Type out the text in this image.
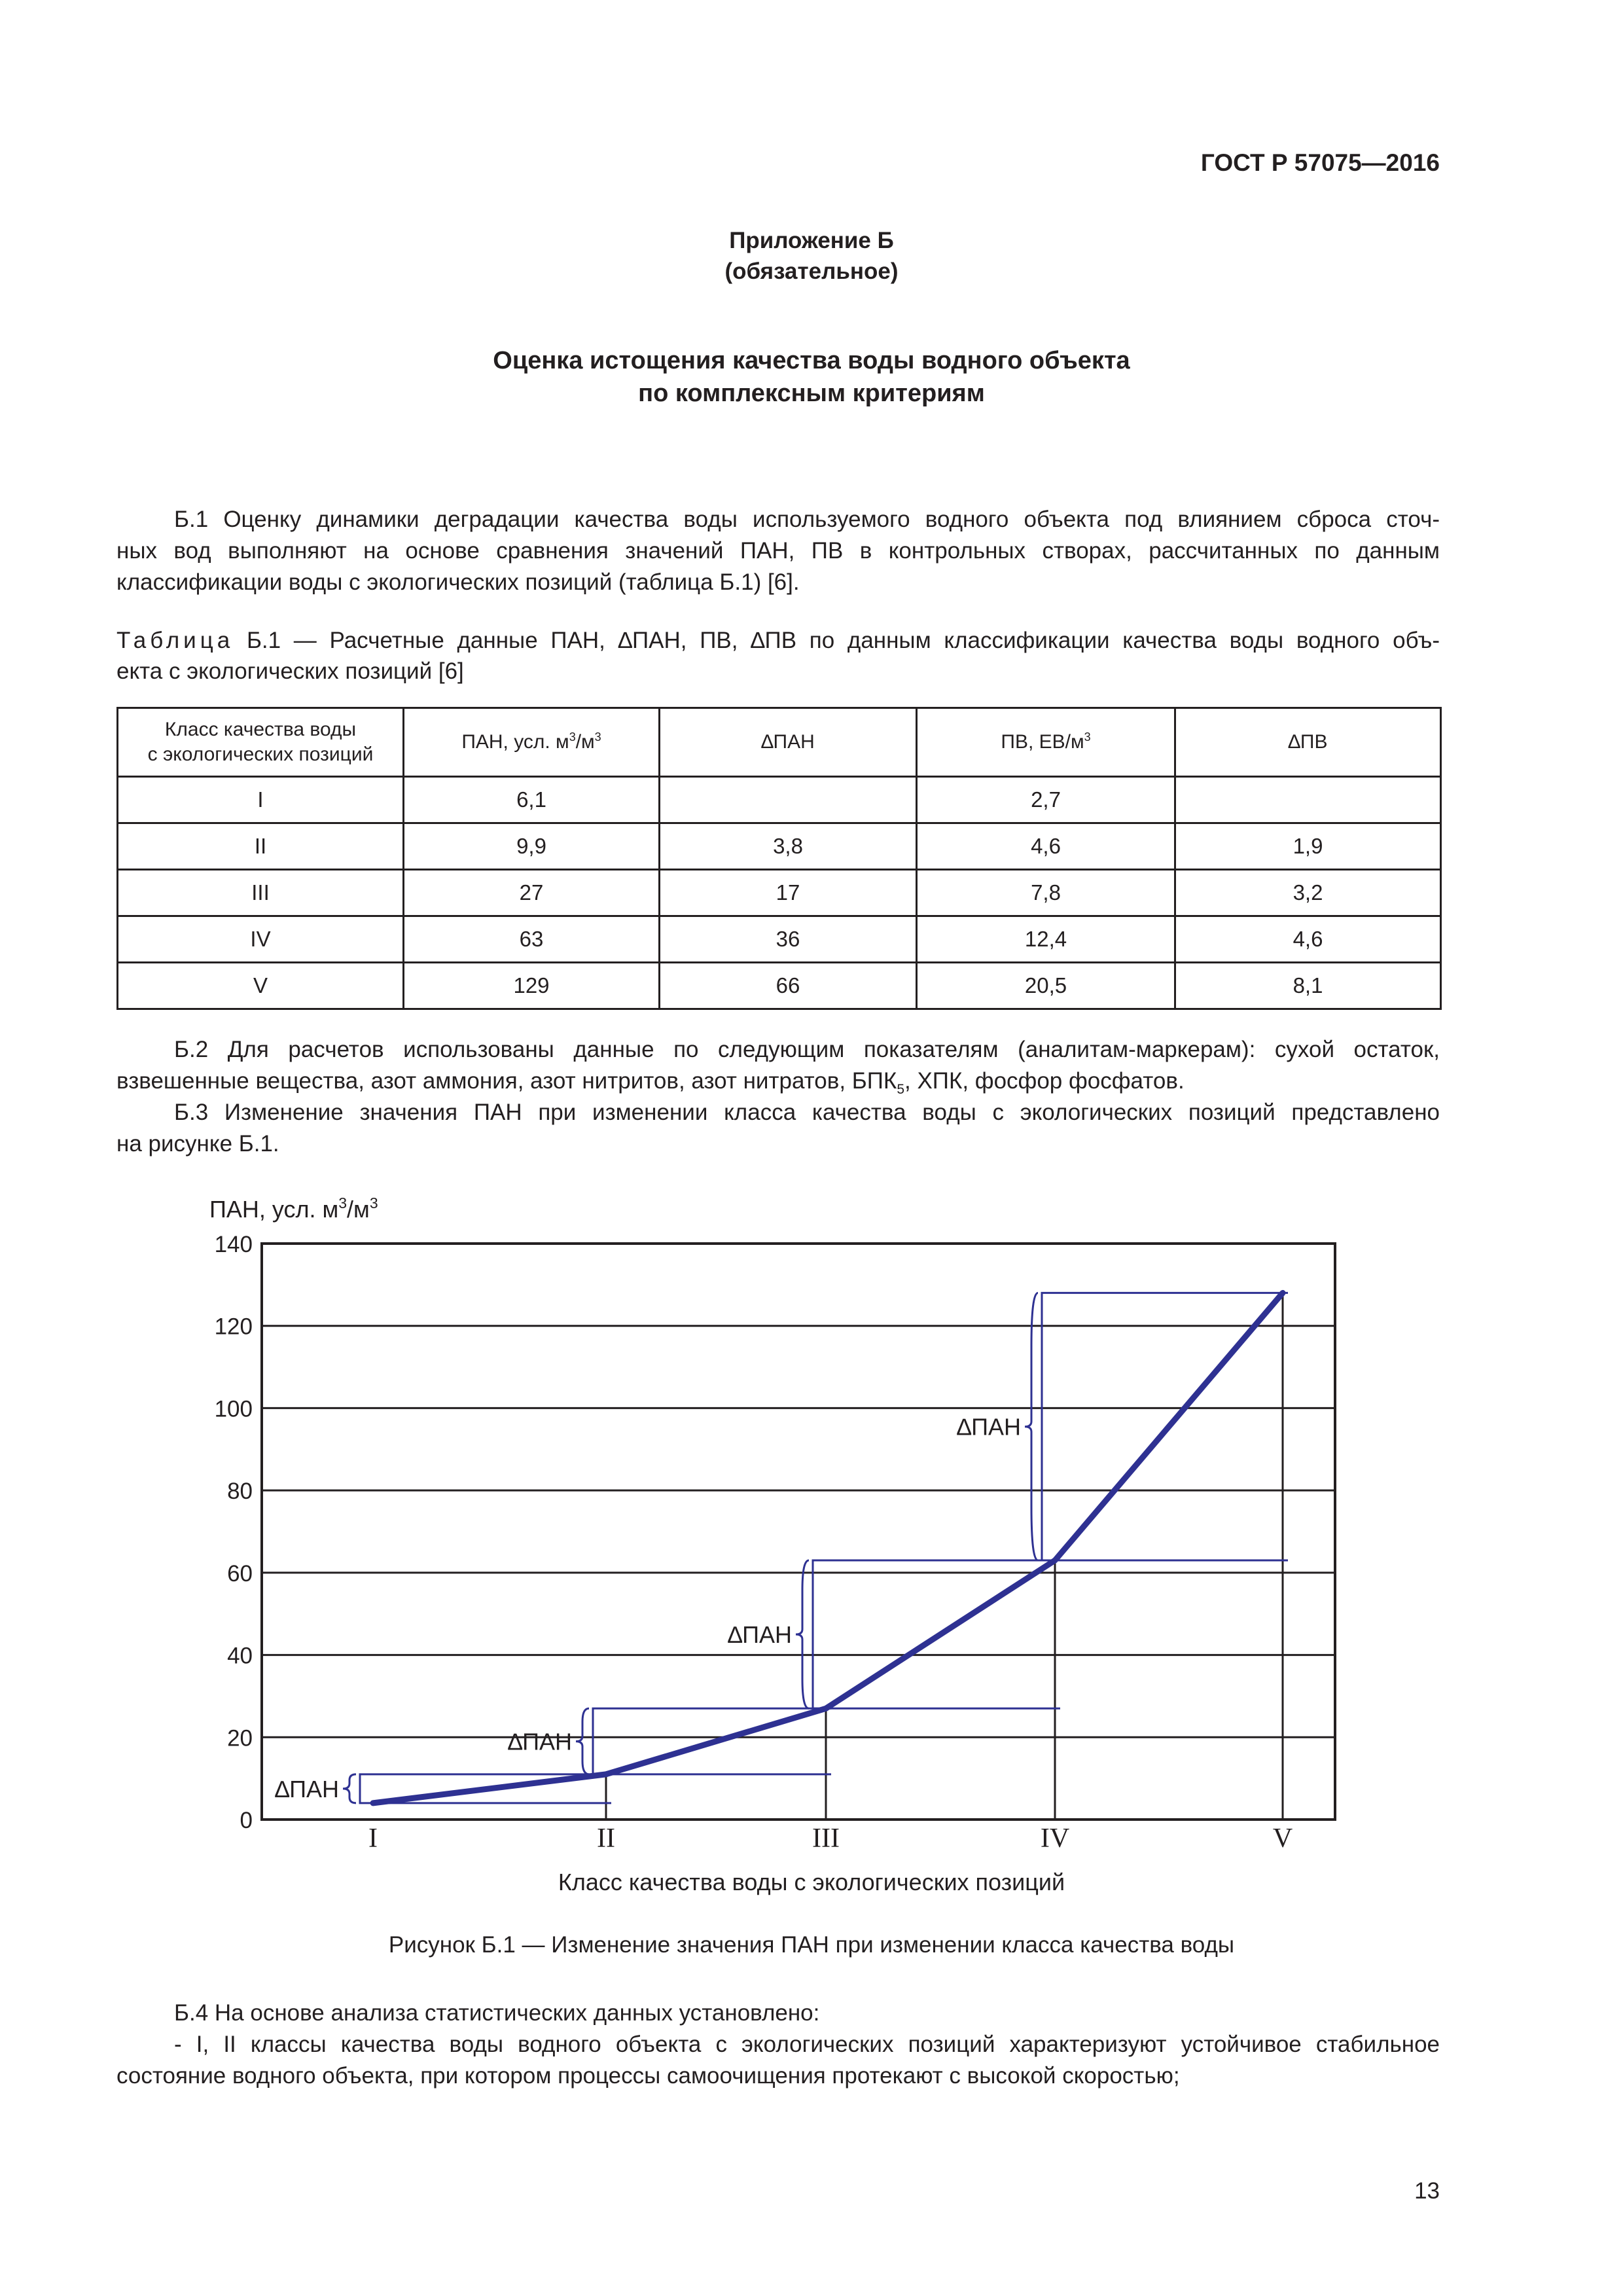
ГОСТ Р 57075—2016
Приложение Б
(обязательное)
Оценка истощения качества воды водного объекта
по комплексным критериям
Б.1 Оценку динамики деградации качества воды используемого водного объекта под влиянием сброса сточ-
ных вод выполняют на основе сравнения значений ПАН, ПВ в контрольных створах, рассчитанных по данным
классификации воды с экологических позиций (таблица Б.1) [6].
Таблица Б.1 — Расчетные данные ПАН, ∆ПАН, ПВ, ∆ПВ по данным классификации качества воды водного объ-
екта с экологических позиций [6]
Класс качества воды
с экологических позиций	ПАН, усл. $м^3/м^3$	∆ПАН	ПВ, $ЕВ/м^3$	∆ПВ
I	6,1		2,7	
II	9,9	3,8	4,6	1,9
III	27	17	7,8	3,2
IV	63	36	12,4	4,6
V	129	66	20,5	8,1
Б.2 Для расчетов использованы данные по следующим показателям (аналитам-маркерам): сухой остаток,
взвешенные вещества, азот аммония, азот нитритов, азот нитратов, $БПК_5$, ХПК, фосфор фосфатов.
Б.3 Изменение значения ПАН при изменении класса качества воды с экологических позиций представлено
на рисунке Б.1.
ПАН, усл. $м^3/м^3$
∆ПАН
∆ПАН
∆ПАН
∆ПАН
0
20
40
60
80
100
120
140
I	II	III	IV	V
Класс качества воды с экологических позиций
Рисунок Б.1 — Изменение значения ПАН при изменении класса качества воды
Б.4 На основе анализа статистических данных установлено:
- I, II классы качества воды водного объекта с экологических позиций характеризуют устойчивое стабильное
состояние водного объекта, при котором процессы самоочищения протекают с высокой скоростью;
13
